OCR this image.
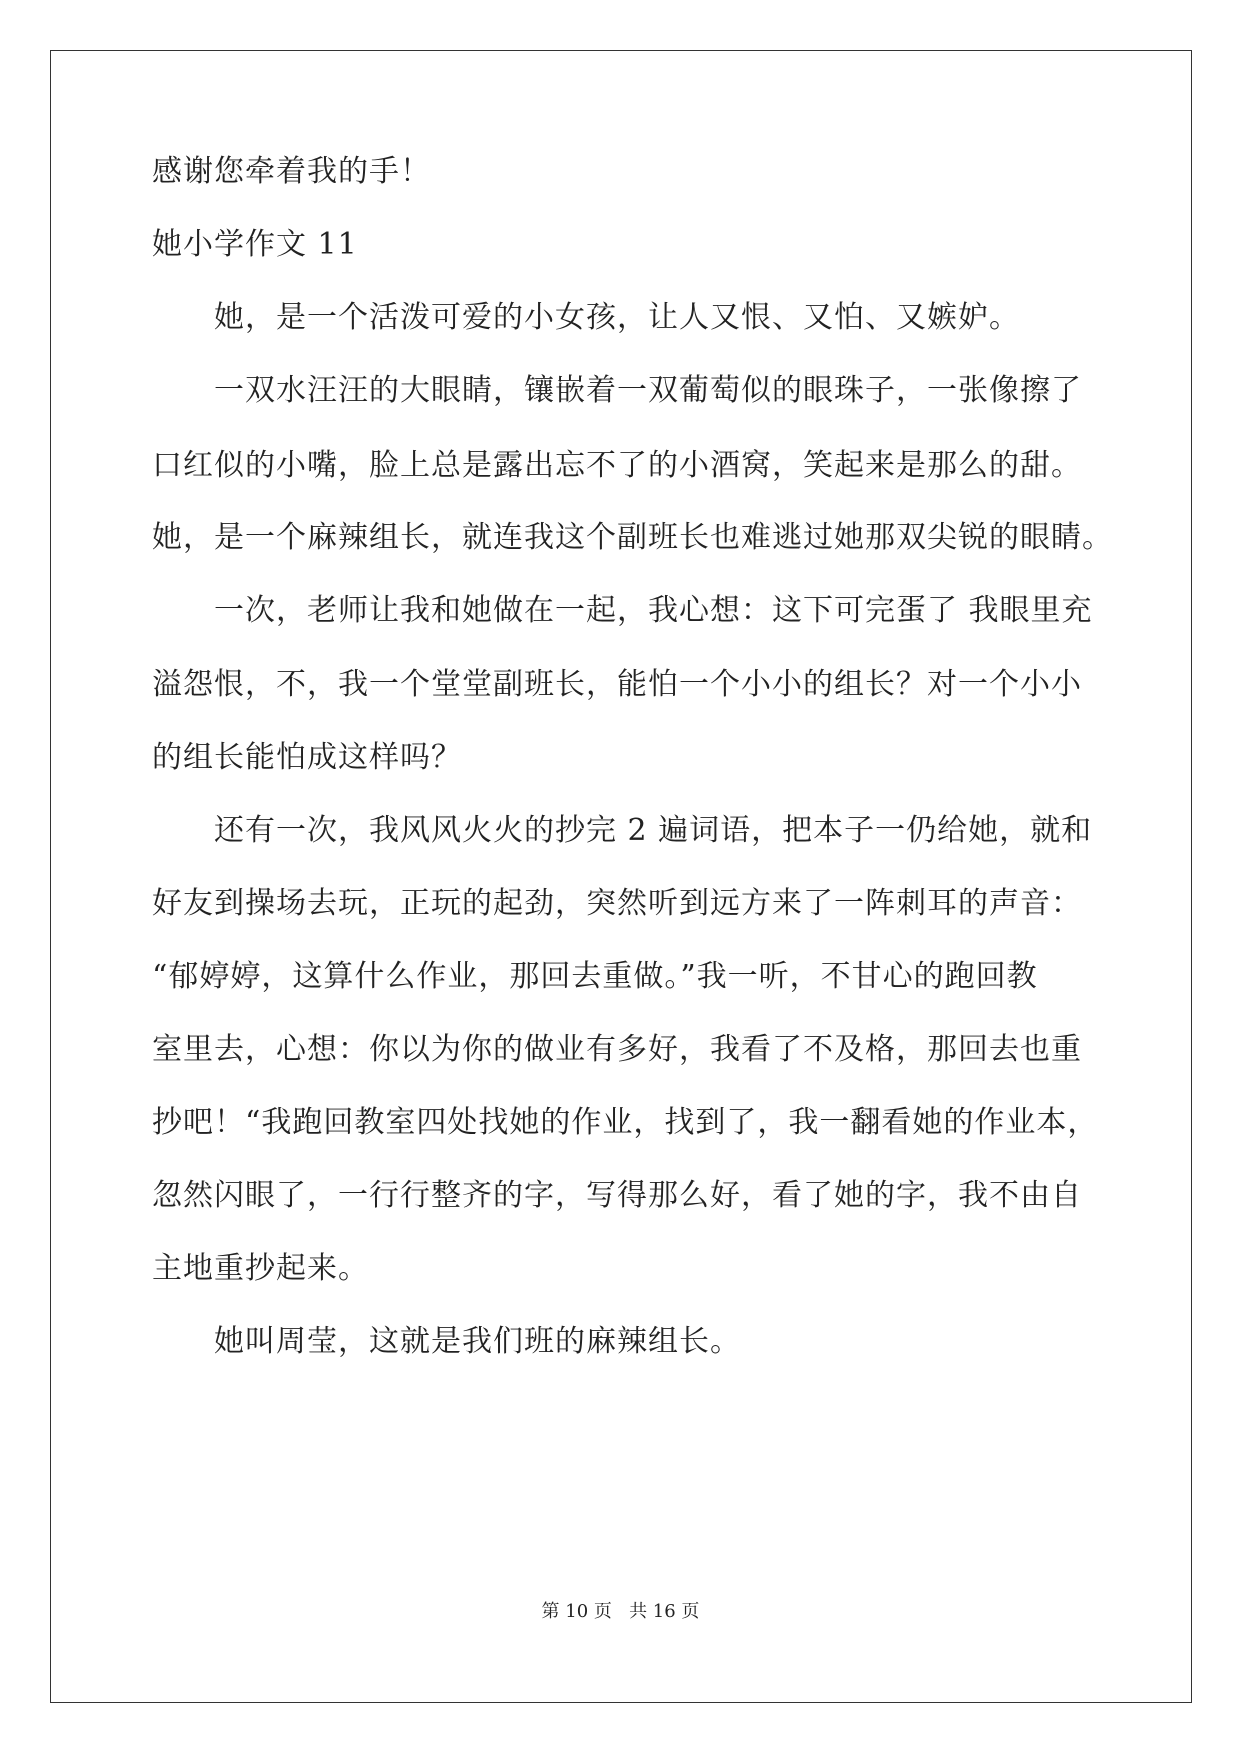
感谢您牵着我的手！
她小学作文 11
她，是一个活泼可爱的小女孩，让人又恨、又怕、又嫉妒。
一双水汪汪的大眼睛，镶嵌着一双葡萄似的眼珠子，一张像擦了
口红似的小嘴，脸上总是露出忘不了的小酒窝，笑起来是那么的甜。
她，是一个麻辣组长，就连我这个副班长也难逃过她那双尖锐的眼睛。
一次，老师让我和她做在一起，我心想：这下可完蛋了 我眼里充
溢怨恨，不，我一个堂堂副班长，能怕一个小小的组长？对一个小小
的组长能怕成这样吗？
还有一次，我风风火火的抄完 2 遍词语，把本子一仍给她，就和
好友到操场去玩，正玩的起劲，突然听到远方来了一阵刺耳的声音：
“郁婷婷，这算什么作业，那回去重做。”我一听，不甘心的跑回教
室里去，心想：你以为你的做业有多好，我看了不及格，那回去也重
抄吧！“我跑回教室四处找她的作业，找到了，我一翻看她的作业本，
忽然闪眼了，一行行整齐的字，写得那么好，看了她的字，我不由自
主地重抄起来。
她叫周莹，这就是我们班的麻辣组长。
第 10 页 共 16 页
